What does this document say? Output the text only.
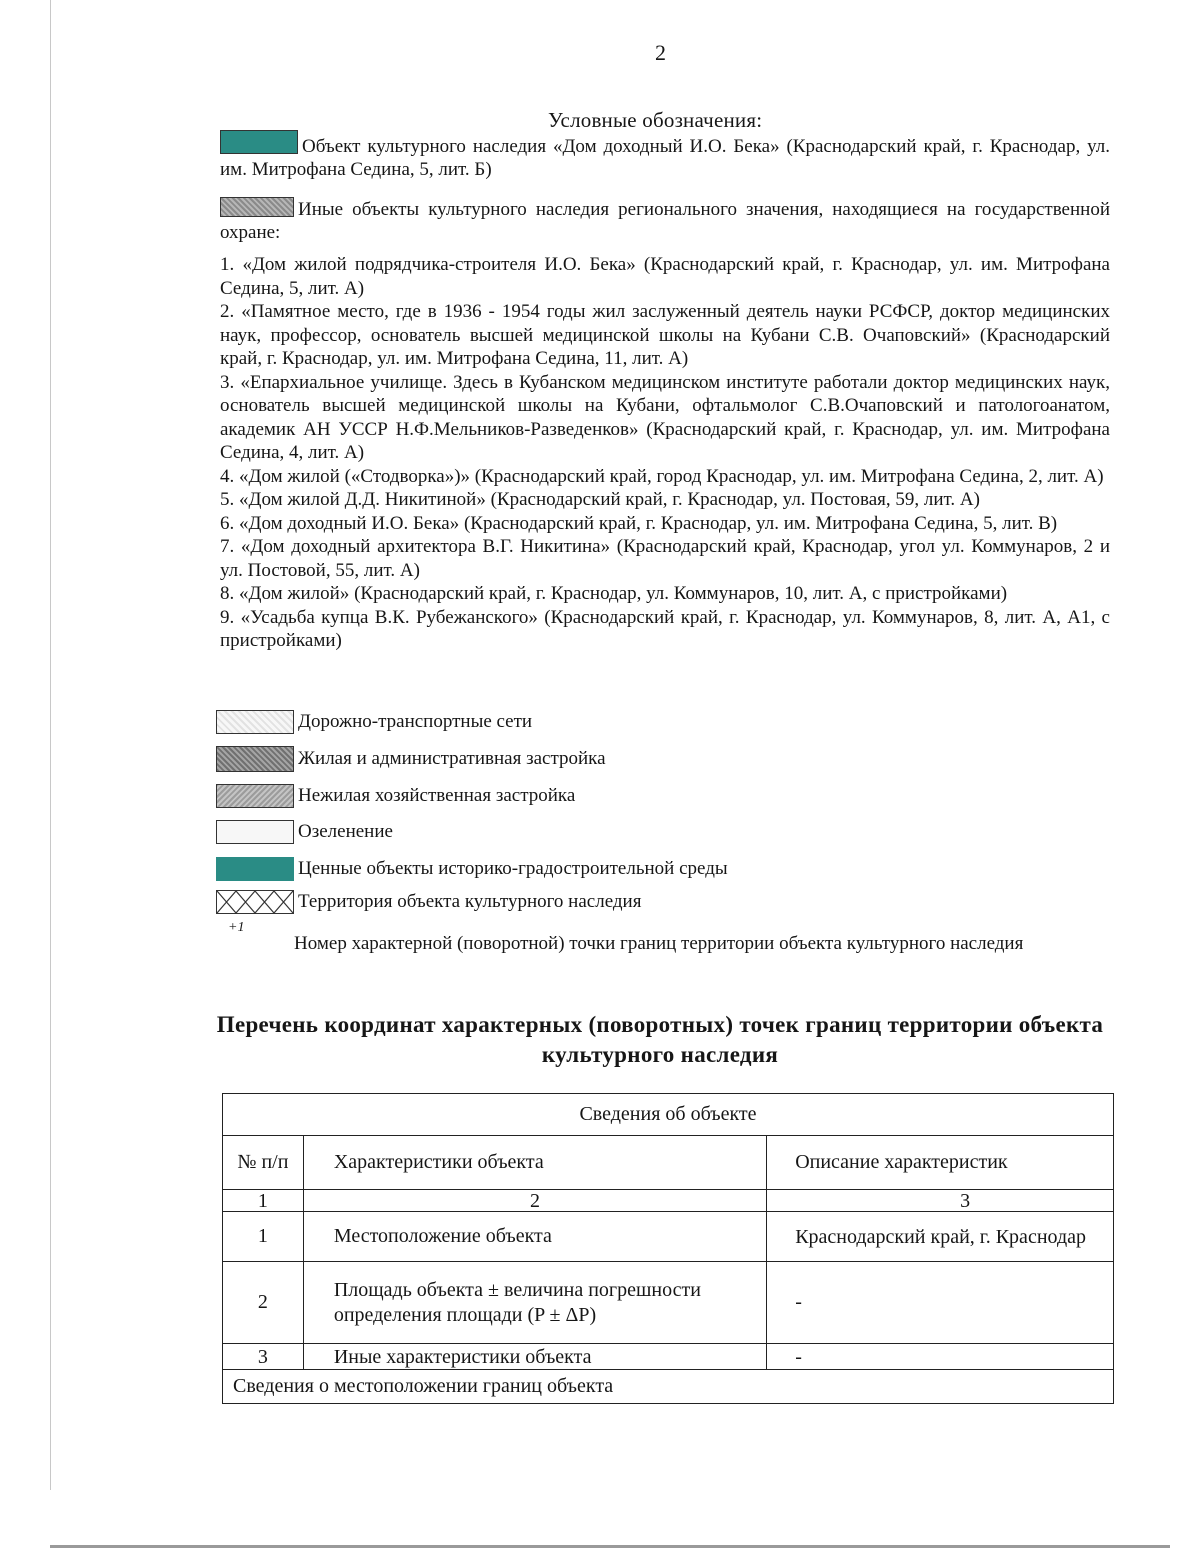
2
Условные обозначения:

Объект культурного наследия «Дом доходный И.О. Бека» (Краснодарский край, г. Краснодар, ул. им. Митрофана Седина, 5, лит. Б)

Иные объекты культурного наследия регионального значения, находящиеся на государственной охране:

1. «Дом жилой подрядчика-строителя И.О. Бека» (Краснодарский край, г. Краснодар, ул. им. Митрофана Седина, 5, лит. А)

2. «Памятное место, где в 1936 - 1954 годы жил заслуженный деятель науки РСФСР, доктор медицинских наук, профессор, основатель высшей медицинской школы на Кубани С.В. Очаповский» (Краснодарский край, г. Краснодар, ул. им. Митрофана Седина, 11, лит. А)

3. «Епархиальное училище. Здесь в Кубанском медицинском институте работали доктор медицинских наук, основатель высшей медицинской школы на Кубани, офтальмолог С.В.Очаповский и патологоанатом, академик АН УССР Н.Ф.Мельников-Разведенков» (Краснодарский край, г. Краснодар, ул. им. Митрофана Седина, 4, лит. А)

4. «Дом жилой («Стодворка»)» (Краснодарский край, город Краснодар, ул. им. Митрофана Седина, 2, лит. А)

5. «Дом жилой Д.Д. Никитиной» (Краснодарский край, г. Краснодар, ул. Постовая, 59, лит. А)

6. «Дом доходный И.О. Бека» (Краснодарский край, г. Краснодар, ул. им. Митрофана Седина, 5, лит. В)

7. «Дом доходный архитектора В.Г. Никитина» (Краснодарский край, Краснодар, угол ул. Коммунаров, 2 и ул. Постовой, 55, лит. А)

8. «Дом жилой» (Краснодарский край, г. Краснодар, ул. Коммунаров, 10, лит. А, с пристройками)

9. «Усадьба купца В.К. Рубежанского» (Краснодарский край, г. Краснодар, ул. Коммунаров, 8, лит. А, А1, с пристройками)

Дорожно-транспортные сети
Жилая и административная застройка
Нежилая хозяйственная застройка
Озеленение
Ценные объекты историко-градостроительной среды
Территория объекта культурного наследия
+1
Номер характерной (поворотной) точки границ территории объекта культурного наследия
Перечень координат характерных (поворотных) точек границ территории объекта культурного наследия
Сведения об объекте		
№ п/п	Характеристики объекта	Описание характеристик
1	2	3
1	Местоположение объекта	Краснодарский край, г. Краснодар
2	Площадь объекта ± величина погрешности определения площади (P ± ΔP)	-
3	Иные характеристики объекта	-
Сведения о местоположении границ объекта		
